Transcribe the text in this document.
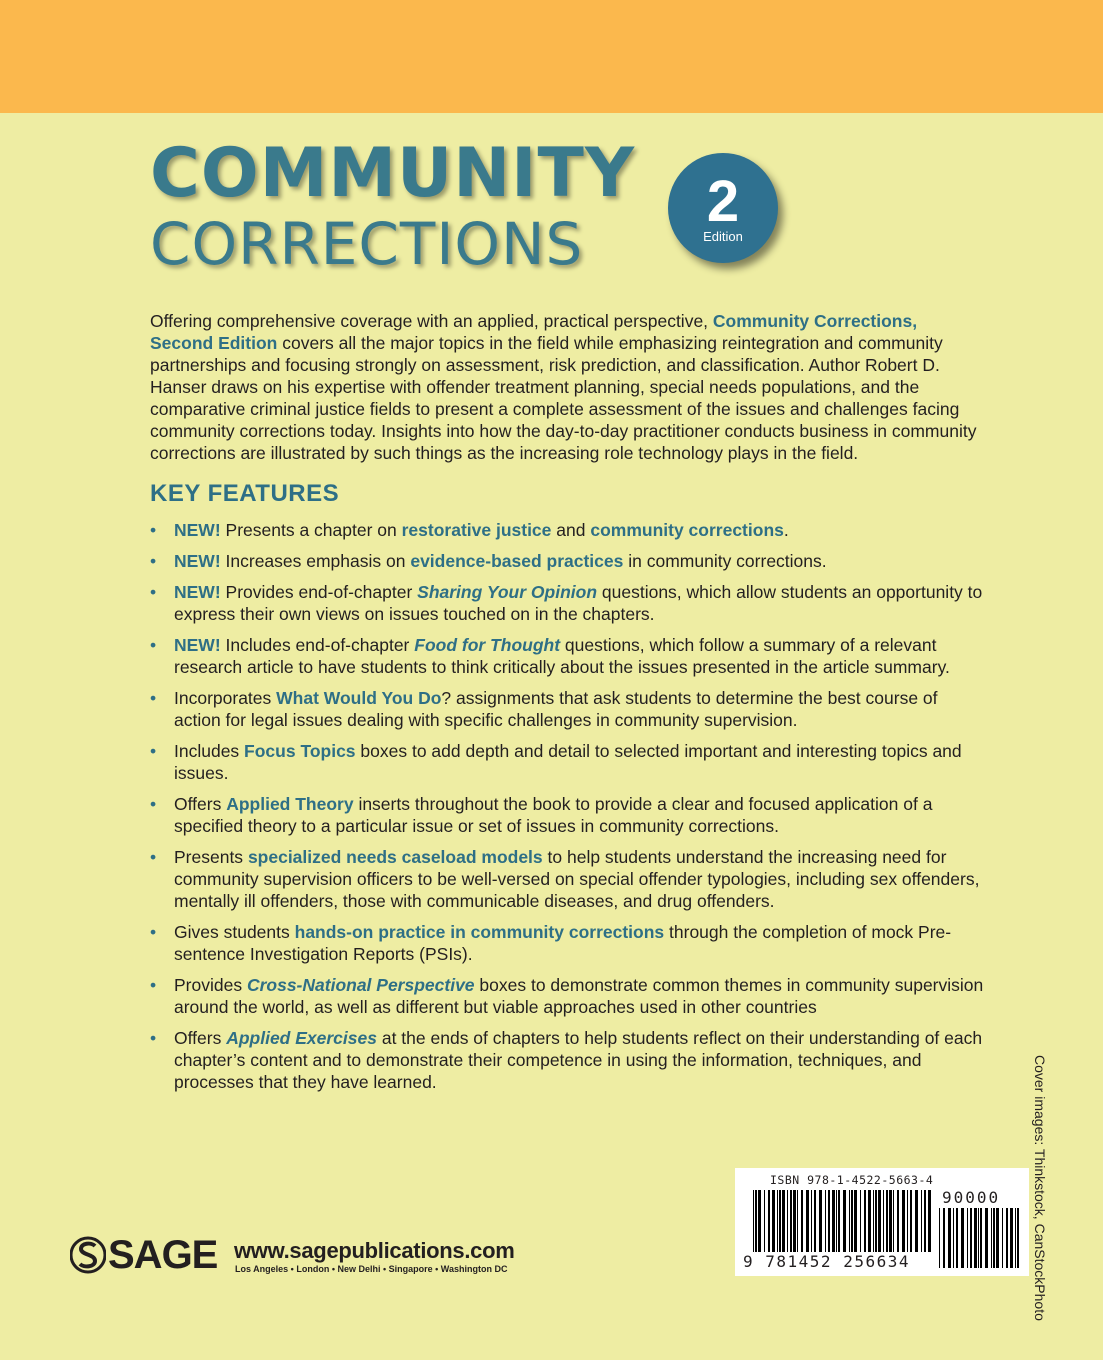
COMMUNITY
CORRECTIONS
2
Edition
Offering comprehensive coverage with an applied, practical perspective, Community Corrections, Second Edition covers all the major topics in the field while emphasizing reintegration and community partnerships and focusing strongly on assessment, risk prediction, and classification. Author Robert D. Hanser draws on his expertise with offender treatment planning, special needs populations, and the comparative criminal justice fields to present a complete assessment of the issues and challenges facing community corrections today. Insights into how the day-to-day practitioner conducts business in community corrections are illustrated by such things as the increasing role technology plays in the field.
KEY FEATURES
• NEW! Presents a chapter on restorative justice and community corrections.
• NEW! Increases emphasis on evidence-based practices in community corrections.
• NEW! Provides end-of-chapter Sharing Your Opinion questions, which allow students an opportunity to express their own views on issues touched on in the chapters.
• NEW! Includes end-of-chapter Food for Thought questions, which follow a summary of a relevant research article to have students to think critically about the issues presented in the article summary.
• Incorporates What Would You Do? assignments that ask students to determine the best course of action for legal issues dealing with specific challenges in community supervision.
• Includes Focus Topics boxes to add depth and detail to selected important and interesting topics and issues.
• Offers Applied Theory inserts throughout the book to provide a clear and focused application of a specified theory to a particular issue or set of issues in community corrections.
• Presents specialized needs caseload models to help students understand the increasing need for community supervision officers to be well-versed on special offender typologies, including sex offenders, mentally ill offenders, those with communicable diseases, and drug offenders.
• Gives students hands-on practice in community corrections through the completion of mock Pre-sentence Investigation Reports (PSIs).
• Provides Cross-National Perspective boxes to demonstrate common themes in community supervision around the world, as well as different but viable approaches used in other countries
• Offers Applied Exercises at the ends of chapters to help students reflect on their understanding of each chapter’s content and to demonstrate their competence in using the information, techniques, and processes that they have learned.	Cover images: Thinkstock, CanStockPhoto
ISBN 978-1-4522-5663-4
90000
9 781452 256634
SAGE www.sagepublications.com
Los Angeles • London • New Delhi • Singapore • Washington DC
